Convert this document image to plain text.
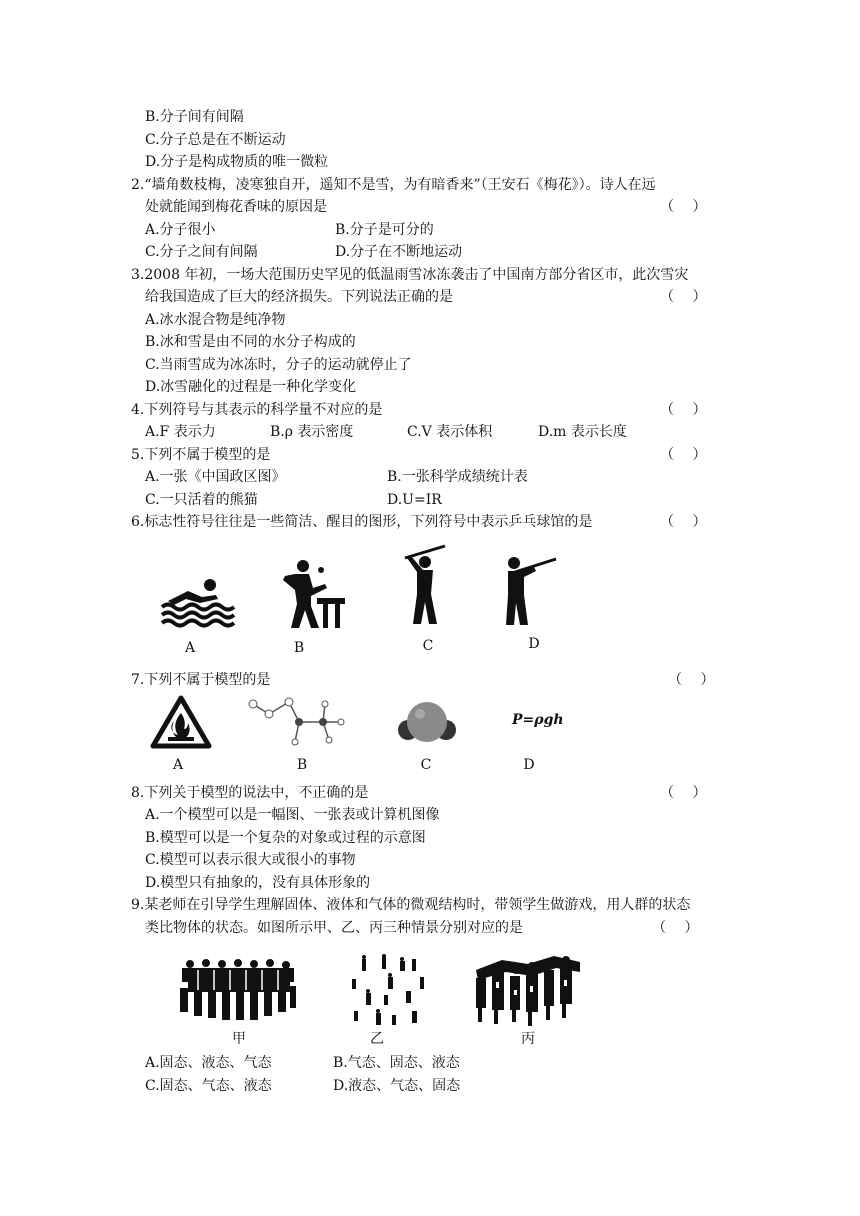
B.分子间有间隔
C.分子总是在不断运动
D.分子是构成物质的唯一微粒
2.“墙角数枝梅，凌寒独自开，遥知不是雪，为有暗香来”（王安石《梅花》）。诗人在远
处就能闻到梅花香味的原因是	（　 ）
A.分子很小	B.分子是可分的
C.分子之间有间隔	D.分子在不断地运动
3.2008 年初，一场大范围历史罕见的低温雨雪冰冻袭击了中国南方部分省区市，此次雪灾
给我国造成了巨大的经济损失。下列说法正确的是	（　 ）
A.冰水混合物是纯净物
B.冰和雪是由不同的水分子构成的
C.当雨雪成为冰冻时，分子的运动就停止了
D.冰雪融化的过程是一种化学变化
4.下列符号与其表示的科学量不对应的是	（　 ）
A.F 表示力	B.ρ 表示密度	C.V 表示体积	D.m 表示长度
5.下列不属于模型的是	（　 ）
A.一张《中国政区图》	B.一张科学成绩统计表
C.一只活着的熊猫	D.U=IR
6.标志性符号往往是一些简洁、醒目的图形，下列符号中表示乒乓球馆的是	（　 ）
A	B	C	D
7.下列不属于模型的是	（　 ）
A	B	C
P=ρgh
D
8.下列关于模型的说法中，不正确的是	（　 ）
A.一个模型可以是一幅图、一张表或计算机图像
B.模型可以是一个复杂的对象或过程的示意图
C.模型可以表示很大或很小的事物
D.模型只有抽象的，没有具体形象的
9.某老师在引导学生理解固体、液体和气体的微观结构时，带领学生做游戏，用人群的状态
类比物体的状态。如图所示甲、乙、丙三种情景分别对应的是	（　 ）
甲	乙	丙
A.固态、液态、气态	B.气态、固态、液态
C.固态、气态、液态	D.液态、气态、固态
